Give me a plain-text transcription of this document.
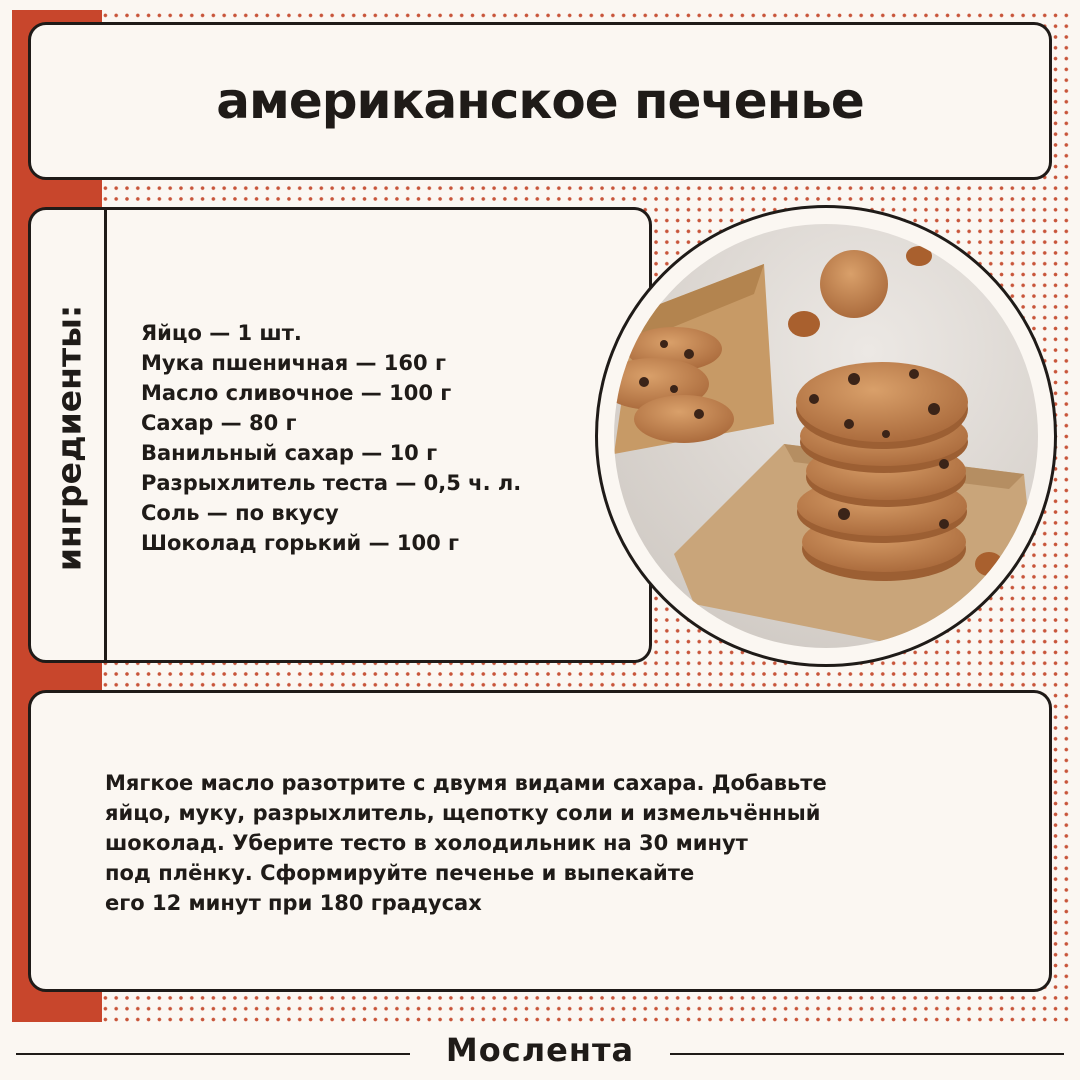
американское печенье
ингредиенты:	Яйцо — 1 шт.
Мука пшеничная — 160 г
Масло сливочное — 100 г
Сахар — 80 г
Ванильный сахар — 10 г
Разрыхлитель теста — 0,5 ч. л.
Соль — по вкусу
Шоколад горький — 100 г
Мягкое масло разотрите с двумя видами сахара. Добавьте
яйцо, муку, разрыхлитель, щепотку соли и измельчённый
шоколад. Уберите тесто в холодильник на 30 минут
под плёнку. Сформируйте печенье и выпекайте
его 12 минут при 180 градусах
Мослента
